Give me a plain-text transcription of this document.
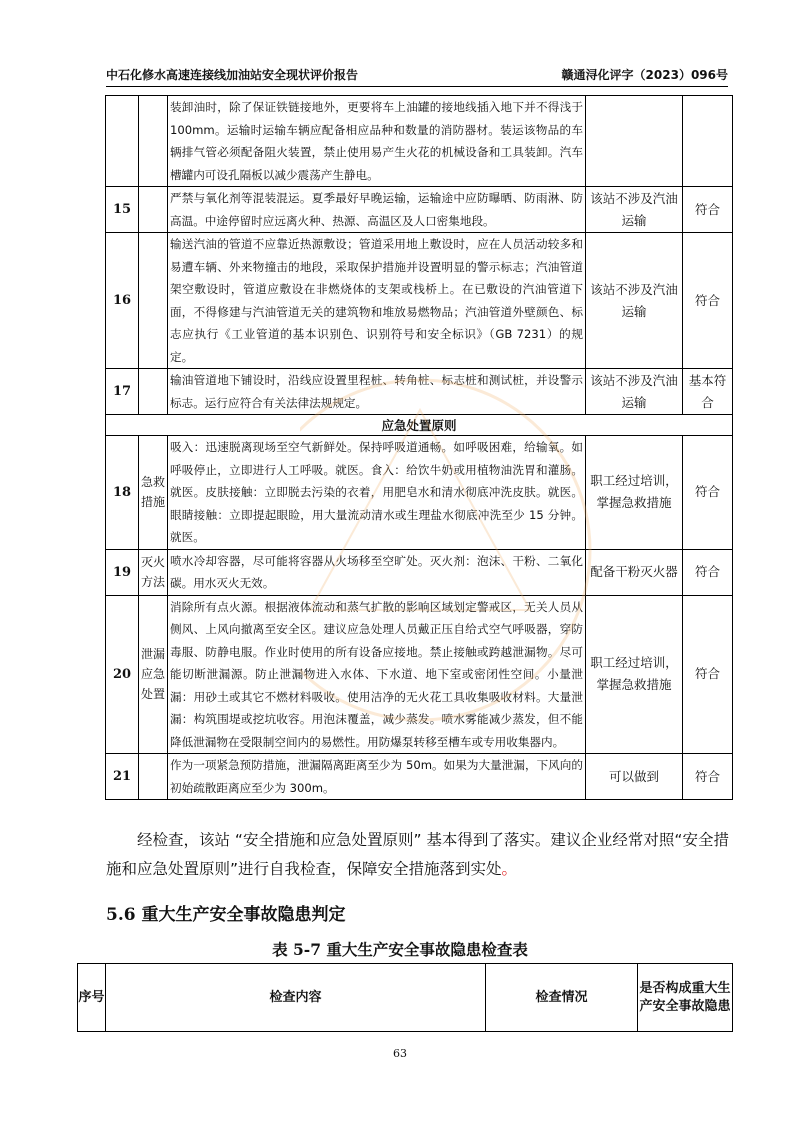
中石化修水高速连接线加油站安全现状评价报告	赣通浔化评字（2023）096号
		装卸油时，除了保证铁链接地外，更要将车上油罐的接地线插入地下并不得浅于 100mm。运输时运输车辆应配备相应品种和数量的消防器材。装运该物品的车辆排气管必须配备阻火装置，禁止使用易产生火花的机械设备和工具装卸。汽车槽罐内可设孔隔板以减少震荡产生静电。		
15		严禁与氧化剂等混装混运。夏季最好早晚运输，运输途中应防曝晒、防雨淋、防高温。中途停留时应远离火种、热源、高温区及人口密集地段。	该站不涉及汽油运输	符合
16		输送汽油的管道不应靠近热源敷设；管道采用地上敷设时，应在人员活动较多和易遭车辆、外来物撞击的地段，采取保护措施并设置明显的警示标志；汽油管道架空敷设时，管道应敷设在非燃烧体的支架或栈桥上。在已敷设的汽油管道下面，不得修建与汽油管道无关的建筑物和堆放易燃物品；汽油管道外壁颜色、标志应执行《工业管道的基本识别色、识别符号和安全标识》（GB 7231）的规定。	该站不涉及汽油运输	符合
17		输油管道地下铺设时，沿线应设置里程桩、转角桩、标志桩和测试桩，并设警示标志。运行应符合有关法律法规规定。	该站不涉及汽油运输	基本符合
应急处置原则				
18	急救措施	吸入：迅速脱离现场至空气新鲜处。保持呼吸道通畅。如呼吸困难，给输氧。如呼吸停止，立即进行人工呼吸。就医。食入：给饮牛奶或用植物油洗胃和灌肠。就医。皮肤接触：立即脱去污染的衣着，用肥皂水和清水彻底冲洗皮肤。就医。眼睛接触：立即提起眼睑，用大量流动清水或生理盐水彻底冲洗至少 15 分钟。就医。	职工经过培训，掌握急救措施	符合
19	灭火方法	喷水冷却容器，尽可能将容器从火场移至空旷处。灭火剂：泡沫、干粉、二氧化碳。用水灭火无效。	配备干粉灭火器	符合
20	泄漏应急处置	消除所有点火源。根据液体流动和蒸气扩散的影响区域划定警戒区，无关人员从侧风、上风向撤离至安全区。建议应急处理人员戴正压自给式空气呼吸器，穿防毒服、防静电服。作业时使用的所有设备应接地。禁止接触或跨越泄漏物。尽可能切断泄漏源。防止泄漏物进入水体、下水道、地下室或密闭性空间。小量泄漏：用砂土或其它不燃材料吸收。使用洁净的无火花工具收集吸收材料。大量泄漏：构筑围堤或挖坑收容。用泡沫覆盖，减少蒸发。喷水雾能减少蒸发，但不能降低泄漏物在受限制空间内的易燃性。用防爆泵转移至槽车或专用收集器内。	职工经过培训，掌握急救措施	符合
21		作为一项紧急预防措施，泄漏隔离距离至少为 50m。如果为大量泄漏，下风向的初始疏散距离应至少为 300m。	可以做到	符合
经检查，该站 “安全措施和应急处置原则” 基本得到了落实。建议企业经常对照“安全措施和应急处置原则”进行自我检查，保障安全措施落到实处。
5.6 重大生产安全事故隐患判定
表 5-7 重大生产安全事故隐患检查表
序号	检查内容	检查情况	是否构成重大生产安全事故隐患
63
